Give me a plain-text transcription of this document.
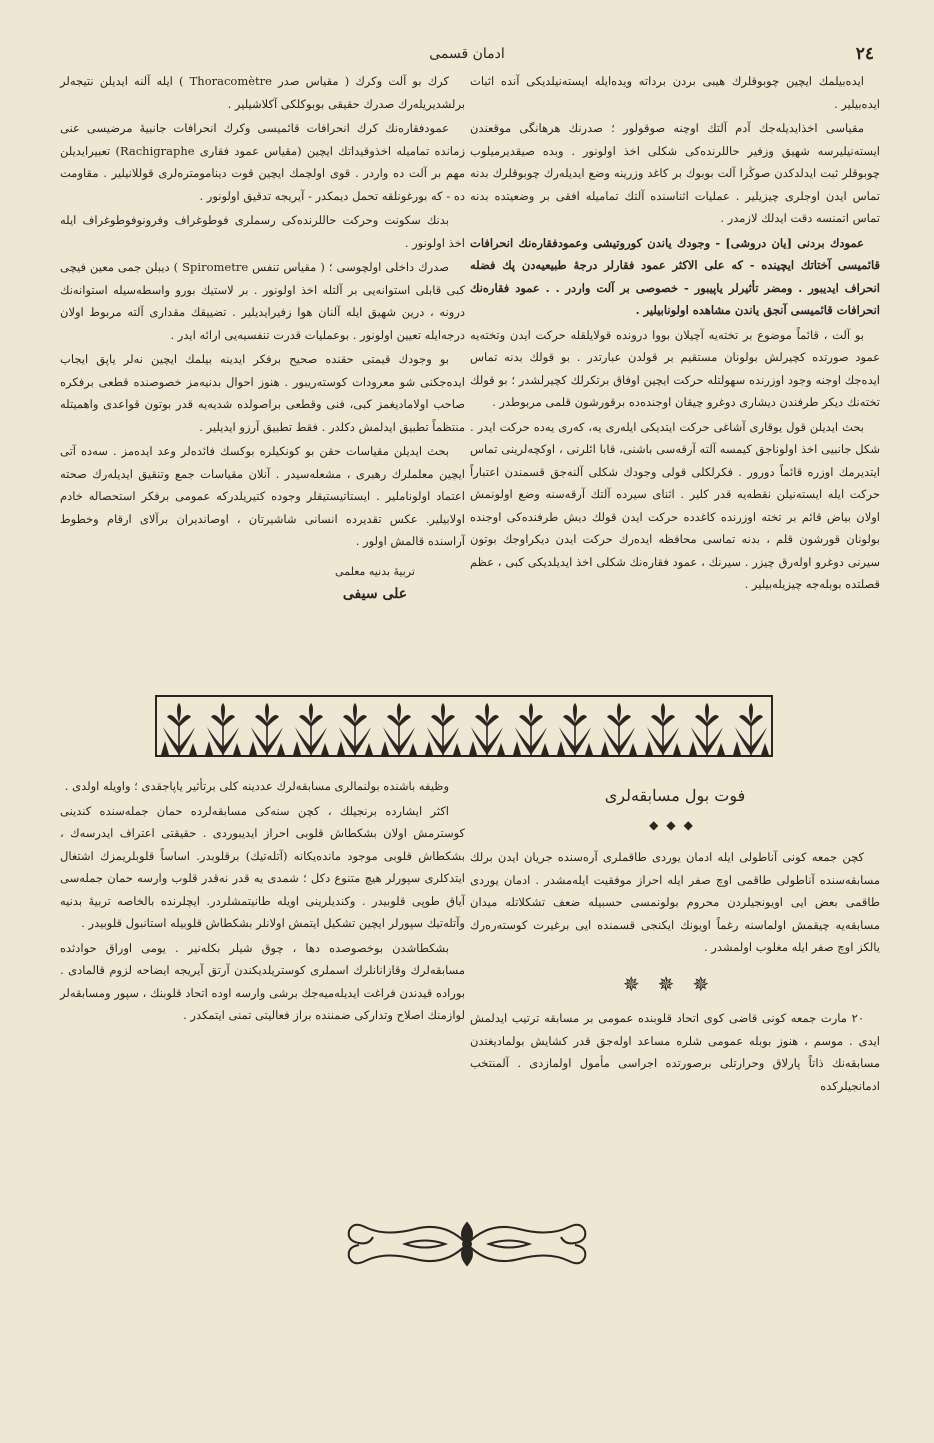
٢٤
ادمان قسمی

ایدەبیلمك ایچین چوبوقلرك هیبی بردن برداته ویدەایله ایستەنیلدیكی آندە اثبات ایدەبیلیر .

مقیاسی اخذایدیلەجك آدم آلتك اوچنە صوقولور ؛ صدرنك هرهانگی موقعندن ایستەنیلیرسە شهیق وزفیر حاللرندەكی شكلی اخذ اولونور . وبدە صیقدیرمیلوب چوبوقلر ثبت ایدلدكدن صوڭرا آلت بوبوك بر كاغد وزرینە وضع ایدیلەرك چوبوقلرك بدنە تماس ایدن اوجلری چیزیلیر . عملیات اثناسندە آلتك تمامیلە افقی بر وضعیتدە بدنە تماس اتمنسە دقت ایدلك لازمدر .

عمودك بردنی [یان دروشی] - وجودك یاندن كوروتیشی وعمودفقارەنك انحرافات قائمیسی آختاتك ایچیندە - كە علی الاكثر عمود فقارلر درجۀ طبیعیەدن پك فضلە انحراف ایدیبور . ومضر تأثیرلر یاپیبور - خصوصی بر آلت واردر . . عمود فقارەنك انحرافات قائمیسی آنجق یاندن مشاهدە اولونابیلیر .

بو آلت ، قائماً موضوع بر تختەیە آچیلان بووا دروندە قولایلقلە حركت ایدن وتختەیە عمود صورتدە كچیرلش بولونان مستقیم بر قولدن عبارتدر . بو قولك بدنە تماس ایدەجك اوجنە وجود اوزرندە سهولتلە حركت ایچین اوفاق برتكرلك كچیرلشدر ؛ بو قولك تختەنك دیكر طرفندن دیشاری دوغرو چیقان اوجندەدە برقورشون قلمی مربوطدر .

بحث ایدیلن قول یوقاری آشاغی حركت ایتدیكی ایلەری یە، كەری یەدە حركت ایدر . شكل جانبیی اخذ اولوناجق كیمسە آلتە آرقەسی باشنی، قابا ائلرنی ، اوكچەلرینی تماس ایتدیرمك اوزرە قائماً دورور . فكرلكلی قولی وجودك شكلی آلنەجق قسمندن اعتباراً حركت ایلە ایستەنیلن نقطەیە قدر كلیر . اثنای سیردە آلتك آرقەسنە وضع اولونمش اولان بیاض قائم بر تختە اوزرندە كاغددە حركت ایدن قولك دیش طرفندەكی اوجندە بولونان قورشون قلم ، بدنە تماسی محافظە ایدەرك حركت ایدن دیكراوجك بوتون سیرنی دوغرو اولەرق چیزر . سیرنك ، عمود فقارەنك شكلی اخذ ایدیلدیكی كبی ، عظم قصلتدە بوبلەجە چیزیلەبیلیر .

كرك بو آلت وكرك ( مقیاس صدر Thoracomètre ) ایلە آلنە ایدیلن نتیجەلر برلشدیریلەرك صدرك حقیقی بوبوكلكی آكلاشیلیر .

عمودفقارەنك كرك انحرافات قائمیسی وكرك انحرافات جانبیۀ مرضیسی عنی زماندە تمامیلە اخذوقیداتك ایچین (مقیاس عمود فقاری Rachigraphe) تعبیرایدیلن مهم بر آلت دە واردر . قوی اولچمك ایچین قوت دینامومترەلری قوللانیلیر . مقاومت دە - كە بورغونلقە تحمل دیمكدر - آیریجە تدقیق اولونور .

بدنك سكونت وحركت حاللرندەكی رسملری فوطوغراف وفرونوفوطوغراف ایلە اخذ اولونور .

صدرك داخلی اولچوسی ؛ ( مقیاس تنفس Spirometre ) دیبلن جمی معین فیچی كبی قابلی استوانەیی بر آلتلە اخذ اولونور . بر لاستیك بورو واسطەسیلە استوانەنك درونە ، درین شهیق ایلە آلنان هوا زفیرایدیلیر . تضییقك مقداری آلتە مربوط اولان درجەایلە تعیین اولونور . بوعملیات قدرت تنفسیەیی ارائە ایدر .

بو وجودك قیمتی حقندە صحیح برفكر ایدینە بیلمك ایچین نەلر یاپق ایجاب ایدەجكنی شو معرودات كوستەریبور . هنوز احوال بدنیەمز خصوصندە قطعی برفكرە صاحب اولامادیغمز كبی، فنی وقطعی براصولدە شدیەیە قدر بوتون قواعدی واهمیتلە منتظماً تطبیق ایدلمش دكلدر . فقط تطبیق آرزو ایدیلیر .

بحث ایدیلن مقیاسات حقن بو كونكیلرە بوكسك فائدەلر وعد ایدەمز . سەدە آتی ایچین معلملرك رهبری ، مشعلەسیدر . آنلان مقیاسات جمع وتنقیق ایدیلەرك صحتە اعتماد اولوناملیر . ایستاتیستیقلر وجودە كتیریلدركە عمومی برفكر استحصالە خادم اولابیلیر. عكس تقدیردە انسانی شاشیرتان ، اوصاندیران برآلای ارقام وخطوط آراسندە قالمش اولور .

تربیۀ بدنیە معلمی
علی سیفی
فوت بول مسابقەلری
◆◆◆

كچن جمعە كونی آناطولی ایلە ادمان یوردی طاقملری آرەسندە جریان ایدن برلك مسابقەسندە آناطولی طاقمی اوچ صفر ایلە احراز موفقیت ایلەمشدر . ادمان یوردی طاقمی بعض ایی اویونجیلردن محروم بولونمسی حسبیلە ضعف تشكلاتلە میدان مسابقەیە چیقمش اولماسنە رغماً اویونك ایكنجی قسمندە ایی برغیرت كوستەرەرك یالكز اوچ صفر ایلە مغلوب اولمشدر .

✵✵✵

٢٠ مارت جمعە كونی قاضی كوی اتحاد قلوبندە عمومی بر مسابقە ترتیب ایدلمش ایدی . موسم ، هنوز بوبلە عمومی شلرە مساعد اولەجق قدر كشایش بولمادیغندن مسابقەنك ذاتاً پارلاق وحرارتلی برصورتدە اجراسی مأمول اولمازدی . آلمنتخب ادمانجیلركدە

وظیفە باشندە بولنمالری مسابقەلرك عددینە كلی برتأثیر یاپاجقدی ؛ واویلە اولدی .

اكثر ایشاردە برنجیلك ، كچن سنەكی مسابقەلردە حمان جملەسندە كندینی كوسترمش اولان بشكطاش قلوبی احراز ایدیبوردی . حقیقتی اعتراف ایدرسەك ، بشكطاش قلوبی موجود ماندەیكانە (آتلەتیك) برقلوبدر. اساساً قلوبلریمزك اشتغال ایتدكلری سپورلر هیچ متنوع دكل ؛ شمدی یە قدر نەقدر قلوب وارسە حمان جملەسی آیاق طوپی قلوبیدر . وكندیلرینی اویلە طانیتمشلردر. ایچلرندە بالخاصە تربیۀ بدنیە وآتلەتیك سپورلر ایچین تشكیل ایتمش اولانلر بشكطاش قلوبیلە استانبول قلوبیدر .

بشكطاشدن بوخصوصدە دها ، چوق شیلر بكلەنیر . یومی اوراق حوادثدە مسابقەلرك وقازانانلرك اسملری كوستریلدیكندن آرتق آیریجە ایضاحە لزوم قالمادی . بورادە قیدندن فراغت ایدیلەمیەجك برشی وارسە اودە اتحاد قلوبنك ، سپور ومسابقەلر لوازمنك اصلاح وتداركی ضمنندە براز فعالیتی تمنی ایتمكدر .
